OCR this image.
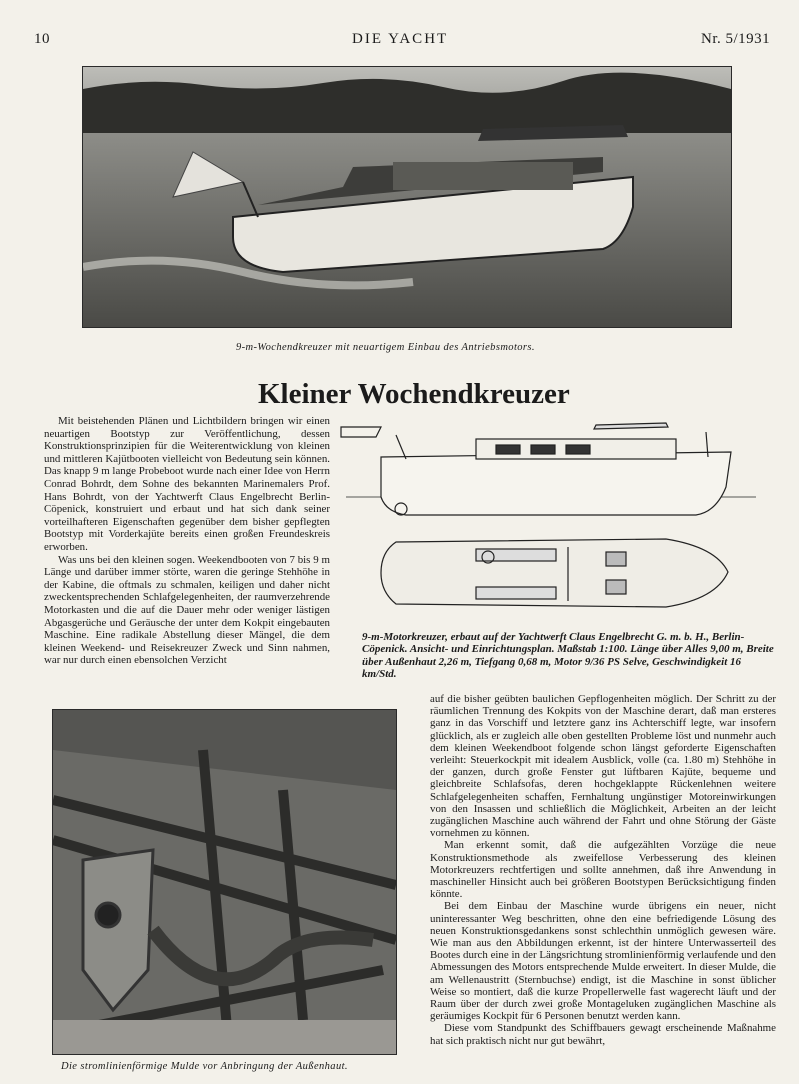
10	DIE YACHT	Nr. 5/1931
9-m-Wochendkreuzer mit neuartigem Einbau des Antriebsmotors.
Kleiner Wochendkreuzer

Mit beistehenden Plänen und Lichtbildern bringen wir einen neuartigen Bootstyp zur Veröffentlichung, dessen Konstruktionsprinzipien für die Weiterentwicklung von kleinen und mittleren Kajütbooten vielleicht von Bedeutung sein können. Das knapp 9 m lange Probeboot wurde nach einer Idee von Herrn Conrad Bohrdt, dem Sohne des bekannten Marinemalers Prof. Hans Bohrdt, von der Yachtwerft Claus Engelbrecht Berlin-Cöpenick, konstruiert und erbaut und hat sich dank seiner vorteilhafteren Eigenschaften gegenüber dem bisher gepflegten Bootstyp mit Vorderkajüte bereits einen großen Freundeskreis erworben.

Was uns bei den kleinen sogen. Weekendbooten von 7 bis 9 m Länge und darüber immer störte, waren die geringe Stehhöhe in der Kabine, die oftmals zu schmalen, keiligen und daher nicht zweckentsprechenden Schlafgelegenheiten, der raumverzehrende Motorkasten und die auf die Dauer mehr oder weniger lästigen Abgasgerüche und Geräusche der unter dem Kokpit eingebauten Maschine. Eine radikale Abstellung dieser Mängel, die dem kleinen Weekend- und Reisekreuzer Zweck und Sinn nahmen, war nur durch einen ebensolchen Verzicht

9-m-Motorkreuzer, erbaut auf der Yachtwerft Claus Engelbrecht G. m. b. H., Berlin-Cöpenick. Ansicht- und Einrichtungsplan. Maßstab 1:100. Länge über Alles 9,00 m, Breite über Außenhaut 2,26 m, Tiefgang 0,68 m, Motor 9/36 PS Selve, Geschwindigkeit 16 km/Std.
Die stromlinienförmige Mulde vor Anbringung der Außenhaut.

auf die bisher geübten baulichen Gepflogenheiten möglich. Der Schritt zu der räumlichen Trennung des Kokpits von der Maschine derart, daß man ersteres ganz in das Vorschiff und letztere ganz ins Achterschiff legte, war insofern glücklich, als er zugleich alle oben gestellten Probleme löst und nunmehr auch dem kleinen Weekendboot folgende schon längst geforderte Eigenschaften verleiht: Steuerkockpit mit idealem Ausblick, volle (ca. 1.80 m) Stehhöhe in der ganzen, durch große Fenster gut lüftbaren Kajüte, bequeme und gleichbreite Schlafsofas, deren hochgeklappte Rückenlehnen weitere Schlafgelegenheiten schaffen, Fernhaltung ungünstiger Motoreinwirkungen von den Insassen und schließlich die Möglichkeit, Arbeiten an der leicht zugänglichen Maschine auch während der Fahrt und ohne Störung der Gäste vornehmen zu können.

Man erkennt somit, daß die aufgezählten Vorzüge die neue Konstruktionsmethode als zweifellose Verbesserung des kleinen Motorkreuzers rechtfertigen und sollte annehmen, daß ihre Anwendung in maschineller Hinsicht auch bei größeren Bootstypen Berücksichtigung finden könnte.

Bei dem Einbau der Maschine wurde übrigens ein neuer, nicht uninteressanter Weg beschritten, ohne den eine befriedigende Lösung des neuen Konstruktionsgedankens sonst schlechthin unmöglich gewesen wäre. Wie man aus den Abbildungen erkennt, ist der hintere Unterwasserteil des Bootes durch eine in der Längsrichtung stromlinienförmig verlaufende und den Abmessungen des Motors entsprechende Mulde erweitert. In dieser Mulde, die am Wellenaustritt (Sternbuchse) endigt, ist die Maschine in sonst üblicher Weise so montiert, daß die kurze Propellerwelle fast wagerecht läuft und der Raum über der durch zwei große Montageluken zugänglichen Maschine als geräumiges Kockpit für 6 Personen benutzt werden kann.

Diese vom Standpunkt des Schiffbauers gewagt erscheinende Maßnahme hat sich praktisch nicht nur gut bewährt,
